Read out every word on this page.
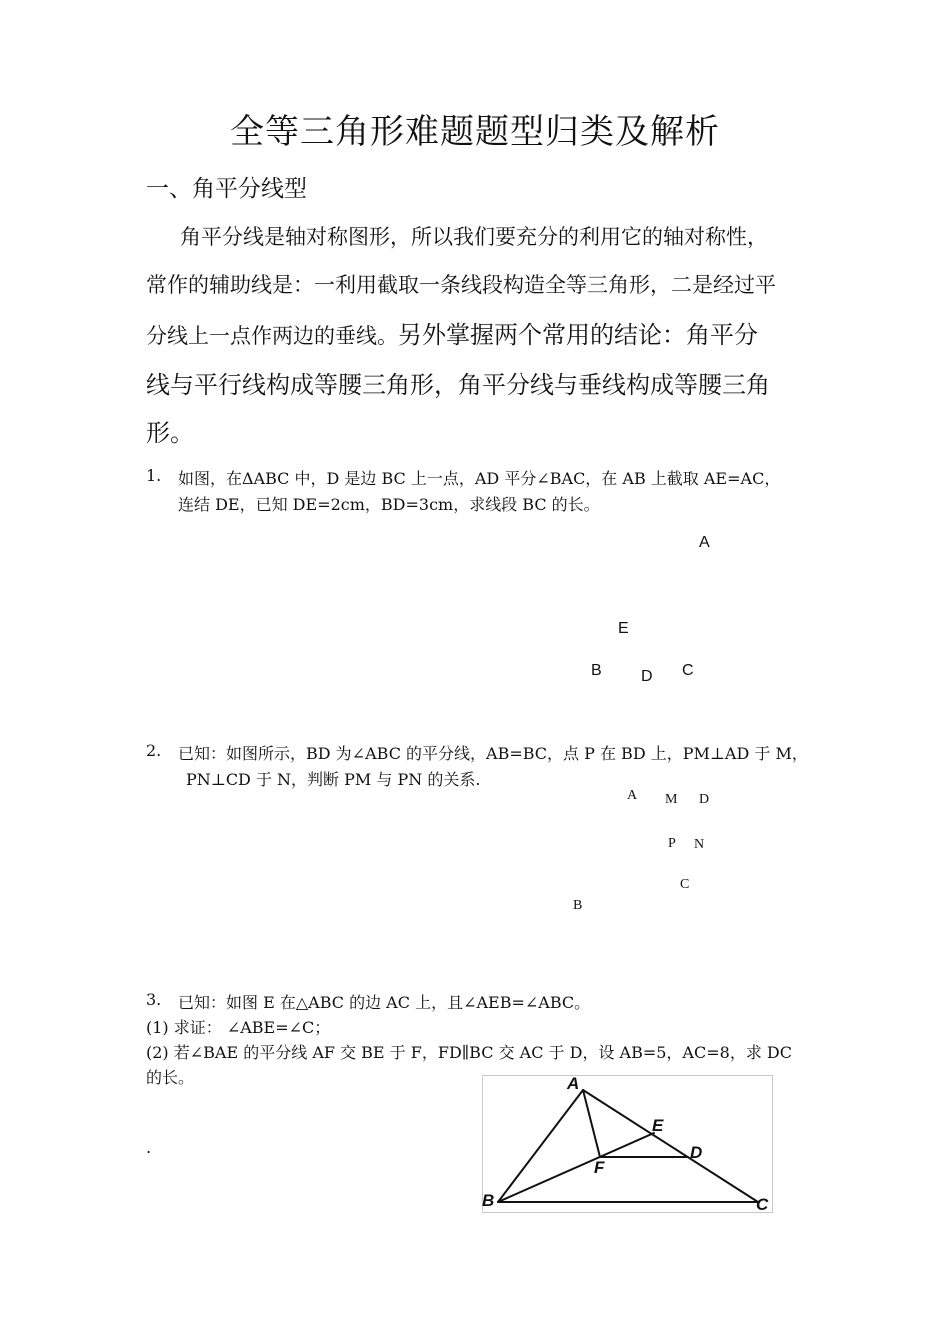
全等三角形难题题型归类及解析
一、角平分线型
角平分线是轴对称图形，所以我们要充分的利用它的轴对称性，
常作的辅助线是：一利用截取一条线段构造全等三角形，二是经过平
分线上一点作两边的垂线。另外掌握两个常用的结论：角平分
线与平行线构成等腰三角形，角平分线与垂线构成等腰三角
形。
1. 如图，在ΔABC 中，D 是边 BC 上一点，AD 平分∠BAC，在 AB 上截取 AE=AC，
连结 DE，已知 DE=2cm，BD=3cm，求线段 BC 的长。
A
E
B D C
2. 已知：如图所示，BD 为∠ABC 的平分线，AB=BC，点 P 在 BD 上，PM⊥AD 于 M，
PN⊥CD 于 N，判断 PM 与 PN 的关系.
A M D
P N
C
B
3. 已知：如图 E 在△ABC 的边 AC 上，且∠AEB=∠ABC。
(1) 求证： ∠ABE=∠C；
(2) 若∠BAE 的平分线 AF 交 BE 于 F，FD∥BC 交 AC 于 D，设 AB=5，AC=8，求 DC
的长。
.
A
E
D
F
B	C
